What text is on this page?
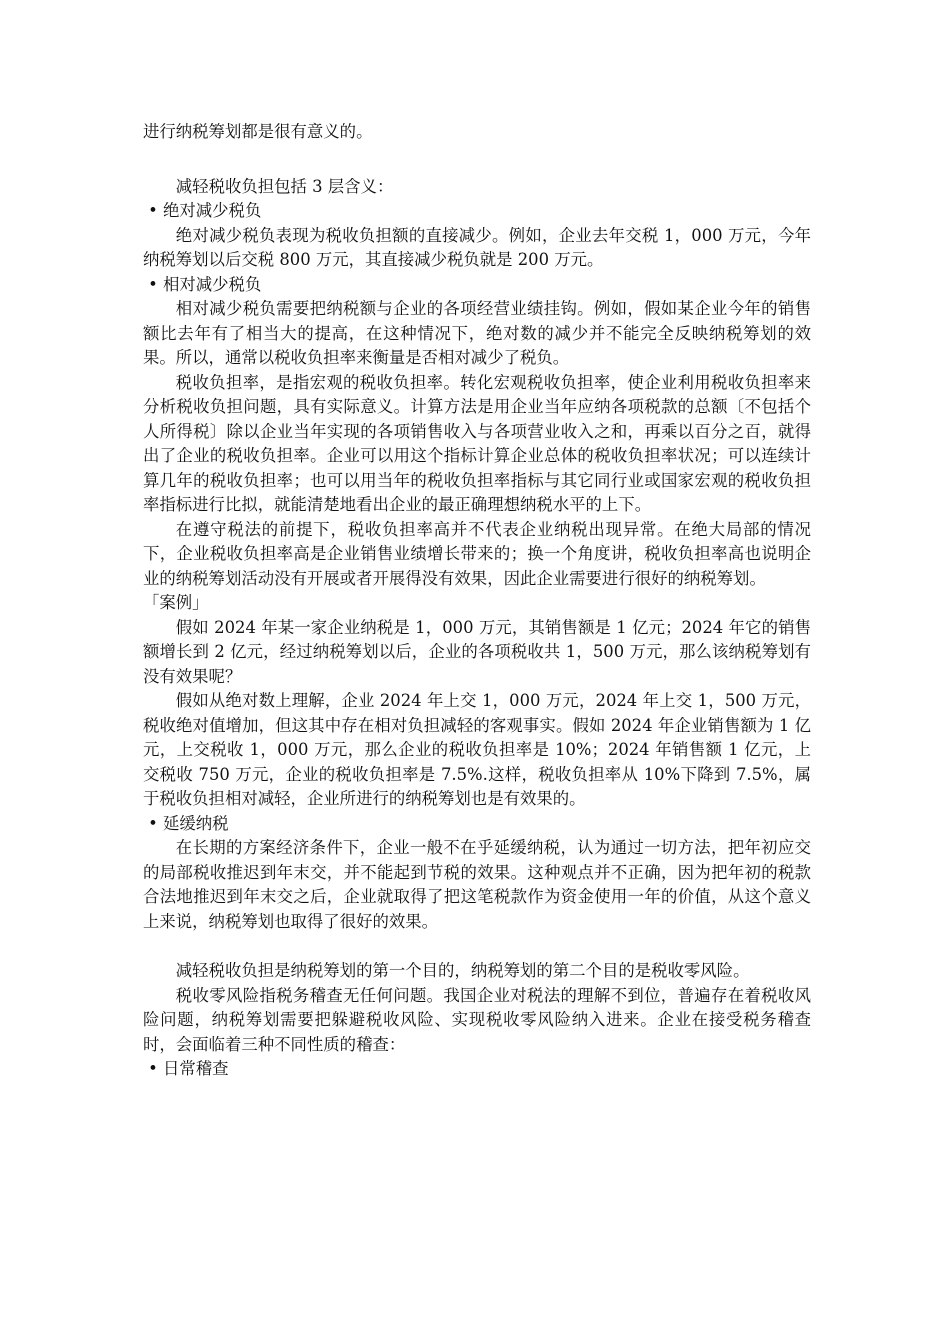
进行纳税筹划都是很有意义的。

减轻税收负担包括 3 层含义：

• 绝对减少税负

绝对减少税负表现为税收负担额的直接减少。例如，企业去年交税 1，000 万元，今年纳税筹划以后交税 800 万元，其直接减少税负就是 200 万元。

• 相对减少税负

相对减少税负需要把纳税额与企业的各项经营业绩挂钩。例如，假如某企业今年的销售额比去年有了相当大的提高，在这种情况下，绝对数的减少并不能完全反映纳税筹划的效果。所以，通常以税收负担率来衡量是否相对减少了税负。

税收负担率，是指宏观的税收负担率。转化宏观税收负担率，使企业利用税收负担率来分析税收负担问题，具有实际意义。计算方法是用企业当年应纳各项税款的总额〔不包括个人所得税〕除以企业当年实现的各项销售收入与各项营业收入之和，再乘以百分之百，就得出了企业的税收负担率。企业可以用这个指标计算企业总体的税收负担率状况；可以连续计算几年的税收负担率；也可以用当年的税收负担率指标与其它同行业或国家宏观的税收负担率指标进行比拟，就能清楚地看出企业的最正确理想纳税水平的上下。

在遵守税法的前提下，税收负担率高并不代表企业纳税出现异常。在绝大局部的情况下，企业税收负担率高是企业销售业绩增长带来的；换一个角度讲，税收负担率高也说明企业的纳税筹划活动没有开展或者开展得没有效果，因此企业需要进行很好的纳税筹划。

「案例」

假如 2024 年某一家企业纳税是 1，000 万元，其销售额是 1 亿元；2024 年它的销售额增长到 2 亿元，经过纳税筹划以后，企业的各项税收共 1，500 万元，那么该纳税筹划有没有效果呢？

假如从绝对数上理解，企业 2024 年上交 1，000 万元，2024 年上交 1，500 万元，税收绝对值增加，但这其中存在相对负担减轻的客观事实。假如 2024 年企业销售额为 1 亿元，上交税收 1，000 万元，那么企业的税收负担率是 10%；2024 年销售额 1 亿元，上交税收 750 万元，企业的税收负担率是 7.5%.这样，税收负担率从 10%下降到 7.5%，属于税收负担相对减轻，企业所进行的纳税筹划也是有效果的。

• 延缓纳税

在长期的方案经济条件下，企业一般不在乎延缓纳税，认为通过一切方法，把年初应交的局部税收推迟到年末交，并不能起到节税的效果。这种观点并不正确，因为把年初的税款合法地推迟到年末交之后，企业就取得了把这笔税款作为资金使用一年的价值，从这个意义上来说，纳税筹划也取得了很好的效果。

减轻税收负担是纳税筹划的第一个目的，纳税筹划的第二个目的是税收零风险。

税收零风险指税务稽查无任何问题。我国企业对税法的理解不到位，普遍存在着税收风险问题，纳税筹划需要把躲避税收风险、实现税收零风险纳入进来。企业在接受税务稽查时，会面临着三种不同性质的稽查：

• 日常稽查
